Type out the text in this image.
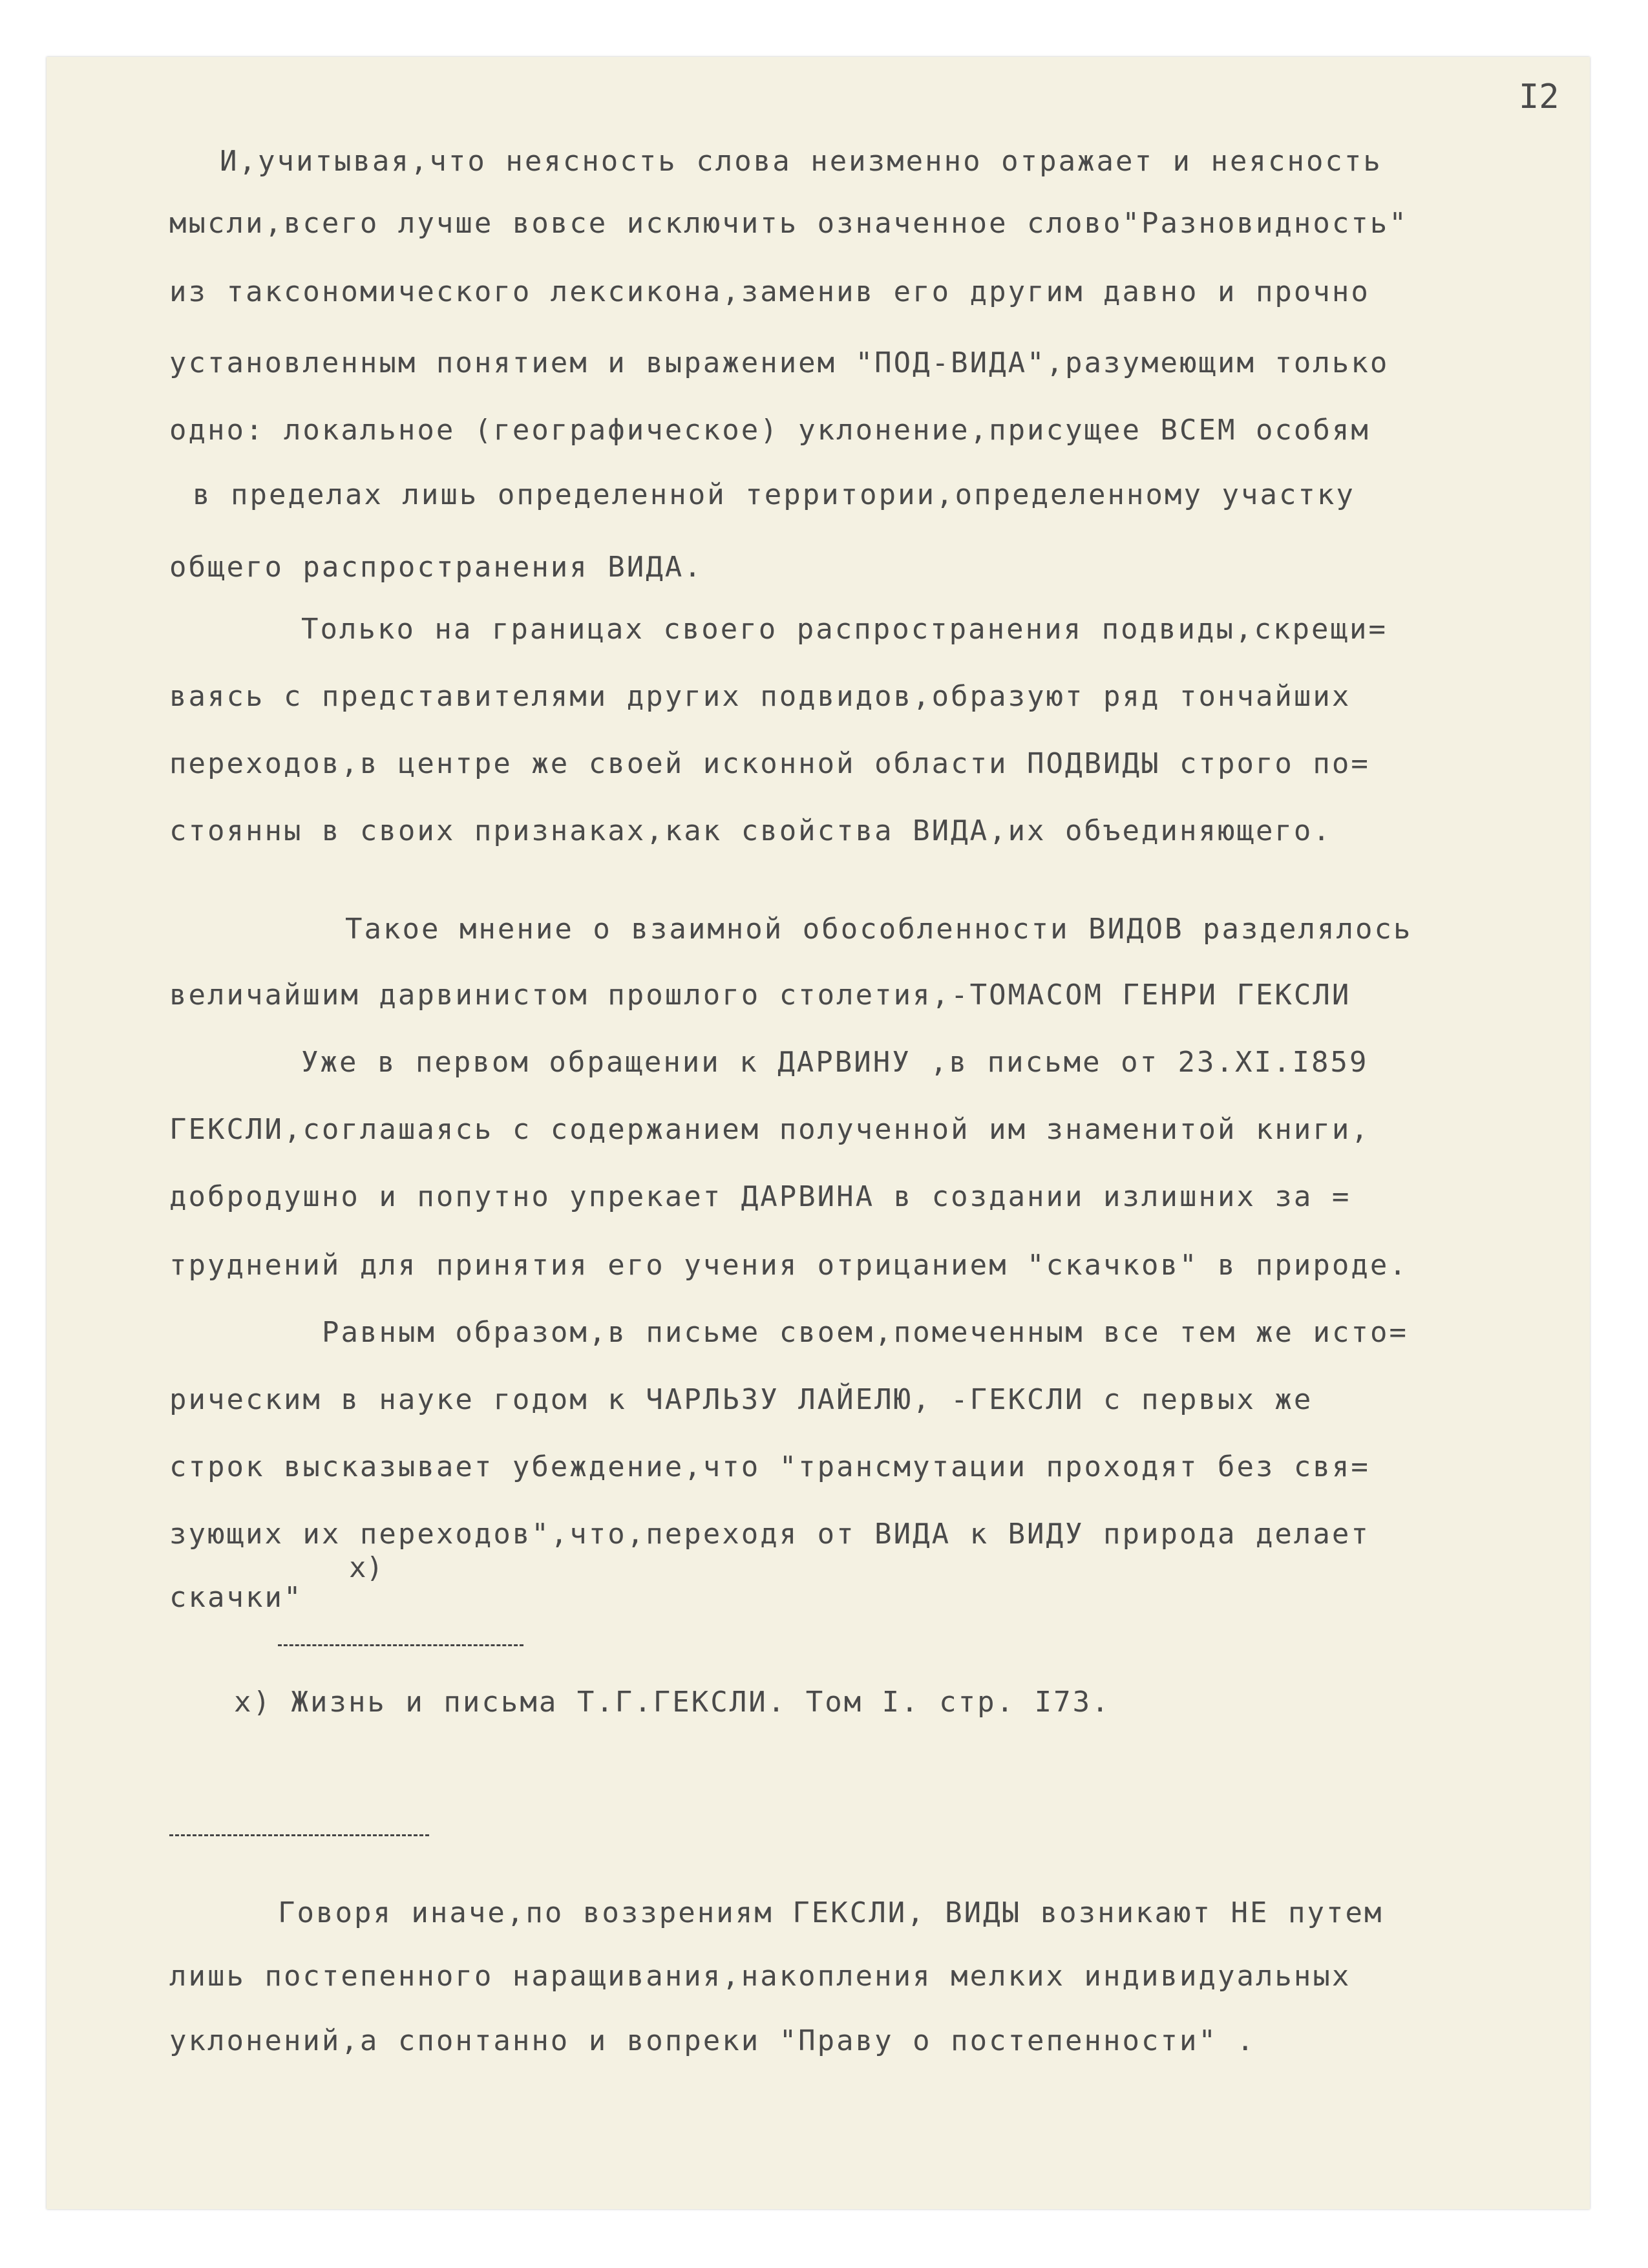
I2
И,учитывая,что неясность слова неизменно отражает и неясность
мысли,всего лучше вовсе исключить означенное слово"Разновидность"
из таксономического лексикона,заменив его другим давно и прочно
установленным понятием и выражением "ПОД-ВИДА",разумеющим только
одно: локальное (географическое) уклонение,присущее ВСЕМ особям
в пределах лишь определенной территории,определенному участку
общего распространения ВИДА.
Только на границах своего распространения подвиды,скрещи=
ваясь с представителями других подвидов,образуют ряд тончайших
переходов,в центре же своей исконной области ПОДВИДЫ строго по=
стоянны в своих признаках,как свойства ВИДА,их объединяющего.
Такое мнение о взаимной обособленности ВИДОВ разделялось
величайшим дарвинистом прошлого столетия,-ТОМАСОМ ГЕНРИ ГЕКСЛИ
Уже в первом обращении к ДАРВИНУ ,в письме от 23.XI.I859
ГЕКСЛИ,соглашаясь с содержанием полученной им знаменитой книги,
добродушно и попутно упрекает ДАРВИНА в создании излишних за =
труднений для принятия его учения отрицанием "скачков" в природе.
Равным образом,в письме своем,помеченным все тем же исто=
рическим в науке годом к ЧАРЛЬЗУ ЛАЙЕЛЮ, -ГЕКСЛИ с первых же
строк высказывает убеждение,что "трансмутации проходят без свя=
зующих их переходов",что,переходя от ВИДА к ВИДУ природа делает
x)
скачки"
x) Жизнь и письма Т.Г.ГЕКСЛИ. Том I. стр. I73.
Говоря иначе,по воззрениям ГЕКСЛИ, ВИДЫ возникают НЕ путем
лишь постепенного наращивания,накопления мелких индивидуальных
уклонений,а спонтанно и вопреки "Праву о постепенности" .
